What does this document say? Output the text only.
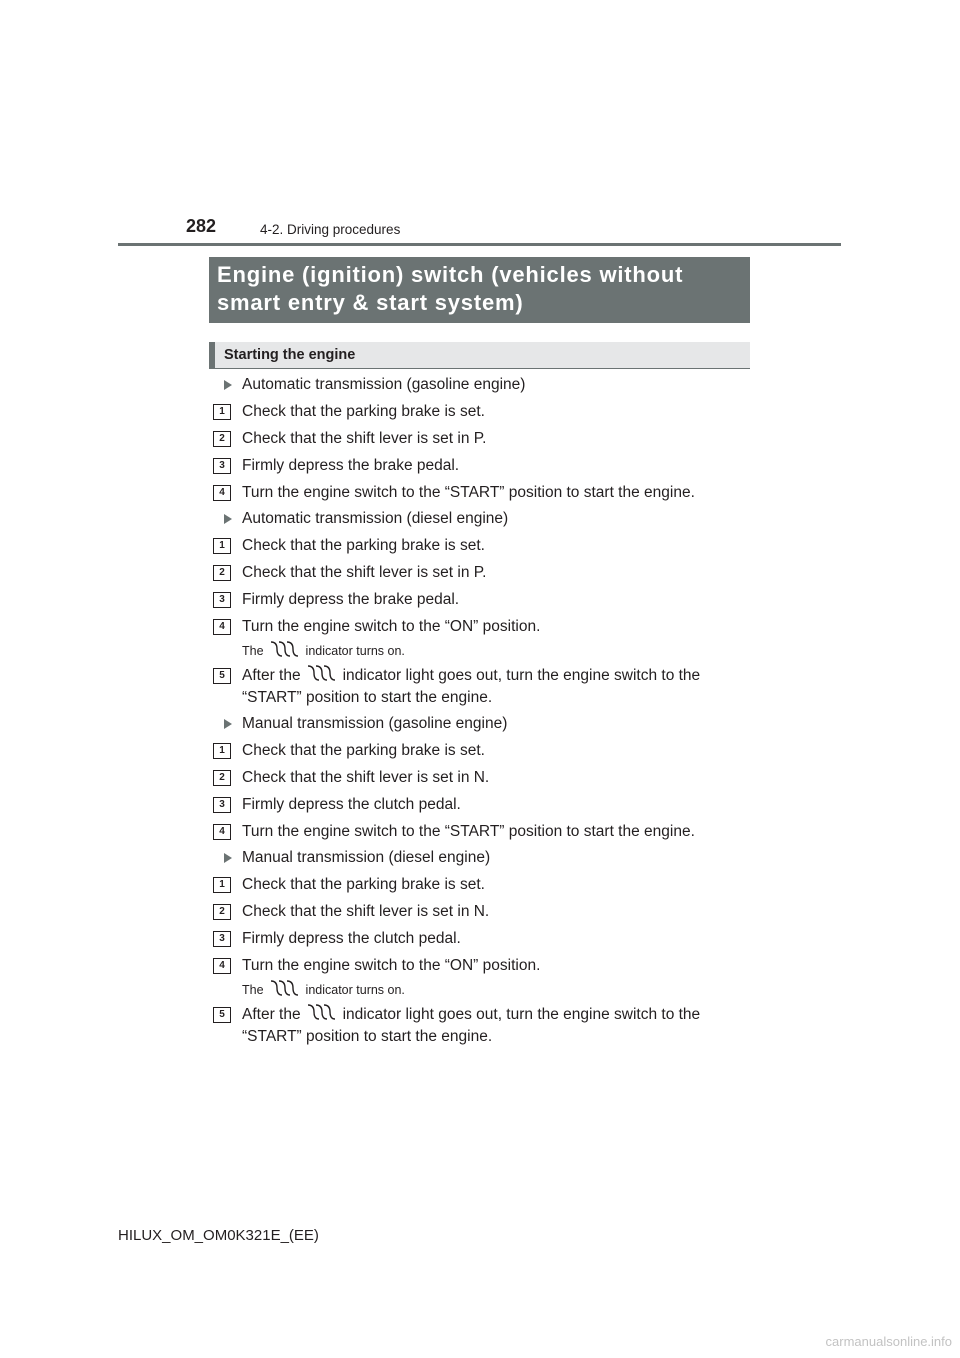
282	4-2. Driving procedures
Engine (ignition) switch (vehicles without
smart entry & start system)
Starting the engine
Automatic transmission (gasoline engine)
1	Check that the parking brake is set.
2	Check that the shift lever is set in P.
3	Firmly depress the brake pedal.
4	Turn the engine switch to the “START” position to start the engine.
Automatic transmission (diesel engine)
1	Check that the parking brake is set.
2	Check that the shift lever is set in P.
3	Firmly depress the brake pedal.
4	Turn the engine switch to the “ON” position.
The	indicator turns on.
5	After the	indicator light goes out, turn the engine switch to the
“START” position to start the engine.
Manual transmission (gasoline engine)
1	Check that the parking brake is set.
2	Check that the shift lever is set in N.
3	Firmly depress the clutch pedal.
4	Turn the engine switch to the “START” position to start the engine.
Manual transmission (diesel engine)
1	Check that the parking brake is set.
2	Check that the shift lever is set in N.
3	Firmly depress the clutch pedal.
4	Turn the engine switch to the “ON” position.
The	indicator turns on.
5	After the	indicator light goes out, turn the engine switch to the
“START” position to start the engine.
HILUX_OM_OM0K321E_(EE)
carmanualsonline.info
